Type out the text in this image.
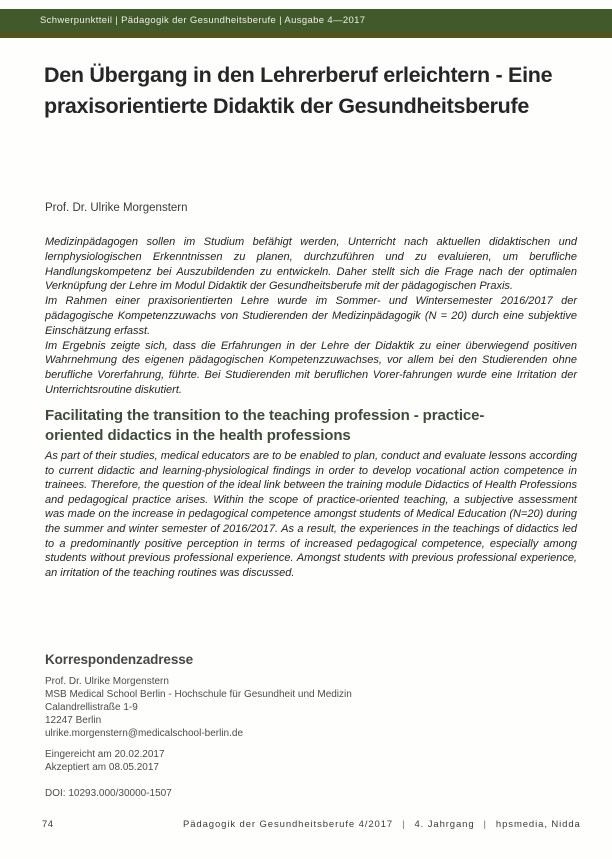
Schwerpunktteil | Pädagogik der Gesundheitsberufe | Ausgabe 4—2017
Den Übergang in den Lehrerberuf erleichtern - Eine
praxisorientierte Didaktik der Gesundheitsberufe
Prof. Dr. Ulrike Morgenstern

Medizinpädagogen sollen im Studium befähigt werden, Unterricht nach aktuellen didaktischen und lernphysiologischen Erkenntnissen zu planen, durchzuführen und zu evaluieren, um berufliche Handlungskompetenz bei Auszubildenden zu entwickeln. Daher stellt sich die Frage nach der optimalen Verknüpfung der Lehre im Modul Didaktik der Gesundheitsberufe mit der pädagogischen Praxis.

Im Rahmen einer praxisorientierten Lehre wurde im Sommer- und Wintersemester 2016/2017 der pädagogische Kompetenzzuwachs von Studierenden der Medizinpädagogik (N = 20) durch eine subjektive Einschätzung erfasst.

Im Ergebnis zeigte sich, dass die Erfahrungen in der Lehre der Didaktik zu einer überwiegend positiven Wahrnehmung des eigenen pädagogischen Kompetenzzuwachses, vor allem bei den Studierenden ohne berufliche Vorerfahrung, führte. Bei Studierenden mit beruflichen Vorer-fahrungen wurde eine Irritation der Unterrichtsroutine diskutiert.

Facilitating the transition to the teaching profession - practice-
oriented didactics in the health professions

As part of their studies, medical educators are to be enabled to plan, conduct and evaluate lessons according to current didactic and learning-physiological findings in order to develop vocational action competence in trainees. Therefore, the question of the ideal link between the training module Didactics of Health Professions and pedagogical practice arises. Within the scope of practice-oriented teaching, a subjective assessment was made on the increase in pedagogical competence amongst students of Medical Education (N=20) during the summer and winter semester of 2016/2017. As a result, the experiences in the teachings of didactics led to a predominantly positive perception in terms of increased pedagogical competence, especially among students without previous professional experience. Amongst students with previous professional experience, an irritation of the teaching routines was discussed.

Korrespondenzadresse
Prof. Dr. Ulrike Morgenstern
MSB Medical School Berlin - Hochschule für Gesundheit und Medizin
Calandrellistraße 1-9
12247 Berlin
ulrike.morgenstern@medicalschool-berlin.de
Eingereicht am 20.02.2017
Akzeptiert am 08.05.2017
DOI: 10293.000/30000-1507
74	Pädagogik der Gesundheitsberufe 4/2017 | 4. Jahrgang | hpsmedia, Nidda
